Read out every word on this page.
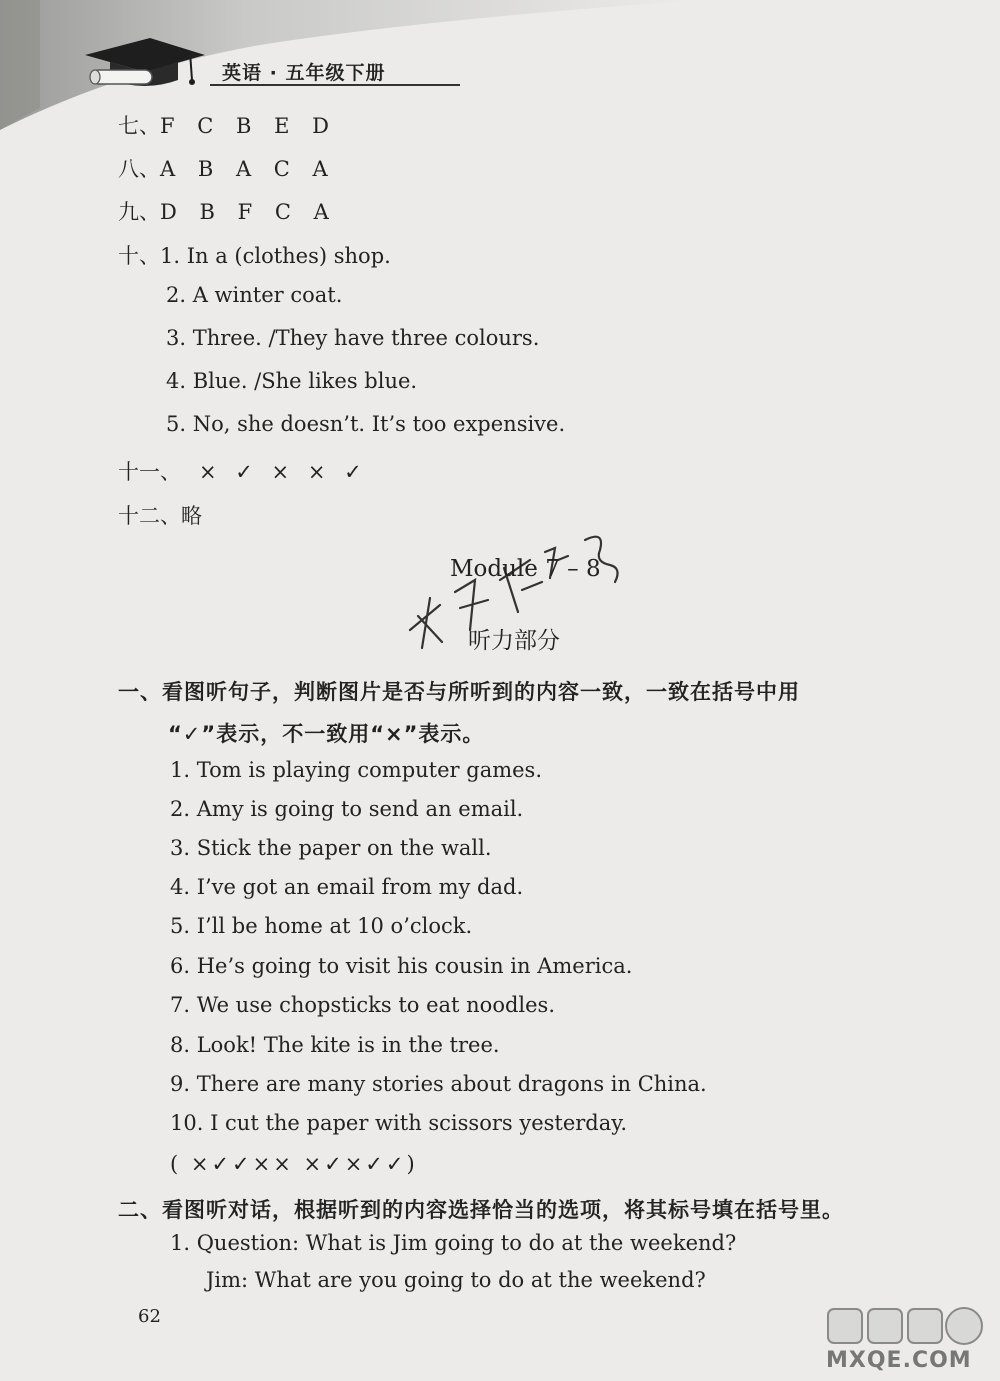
英语 · 五年级下册
七、F C B E D
八、A B A C A
九、D B F C A
十、1. In a (clothes) shop.
2. A winter coat.
3. Three. /They have three colours.
4. Blue. /She likes blue.
5. No, she doesn’t. It’s too expensive.
十一、 × ✓ × × ✓
十二、略
Module 7 – 8
听力部分
一、看图听句子，判断图片是否与所听到的内容一致，一致在括号中用
“✓”表示，不一致用“×”表示。
1. Tom is playing computer games.
2. Amy is going to send an email.
3. Stick the paper on the wall.
4. I’ve got an email from my dad.
5. I’ll be home at 10 o’clock.
6. He’s going to visit his cousin in America.
7. We use chopsticks to eat noodles.
8. Look! The kite is in the tree.
9. There are many stories about dragons in China.
10. I cut the paper with scissors yesterday.
( ×✓✓×× ×✓×✓✓)
二、看图听对话，根据听到的内容选择恰当的选项，将其标号填在括号里。
1. Question: What is Jim going to do at the weekend?
Jim: What are you going to do at the weekend?
62
MXQE.COM
